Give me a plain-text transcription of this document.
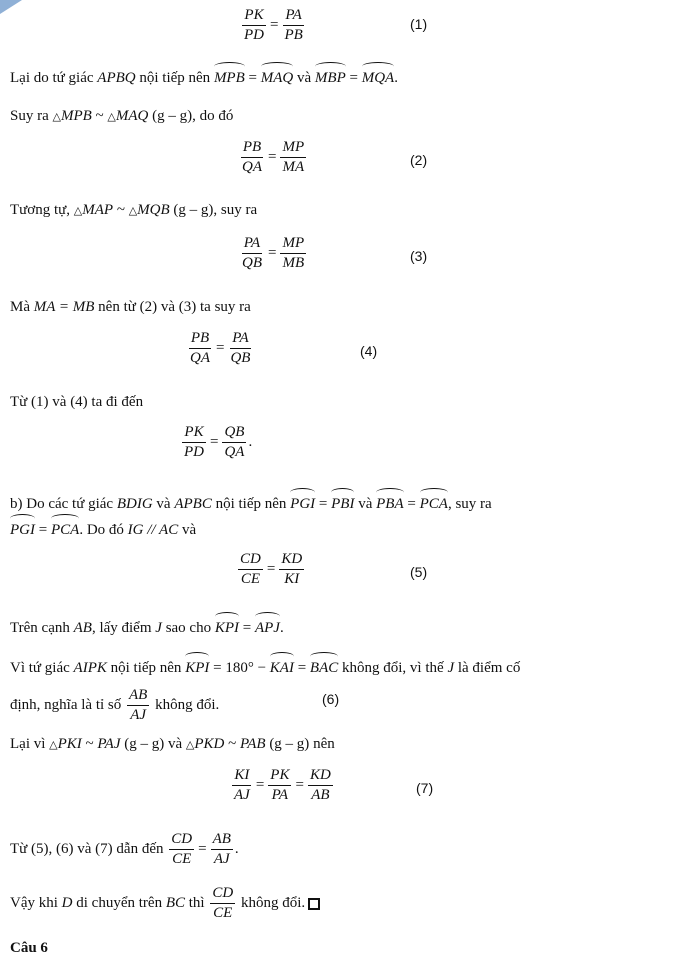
$\frac{PK}{PD} = \frac{PA}{PB}$	(1)
Lại do tứ giác APBQ nội tiếp nên MPB = MAQ và MBP = MQA.
Suy ra △MPB ~ △MAQ (g – g), do đó
$\frac{PB}{QA} = \frac{MP}{MA}$	(2)
Tương tự, △MAP ~ △MQB (g – g), suy ra
$\frac{PA}{QB} = \frac{MP}{MB}$	(3)
Mà MA = MB nên từ (2) và (3) ta suy ra
$\frac{PB}{QA} = \frac{PA}{QB}$	(4)
Từ (1) và (4) ta đi đến
$\frac{PK}{PD} = \frac{QB}{QA}$ .
b) Do các tứ giác BDIG và APBC nội tiếp nên PGI = PBI và PBA = PCA, suy ra
PGI = PCA. Do đó IG // AC và
$\frac{CD}{CE} = \frac{KD}{KI}$	(5)
Trên cạnh AB, lấy điểm J sao cho KPI = APJ.
Vì tứ giác AIPK nội tiếp nên KPI = 180° − KAI = BAC không đổi, vì thế J là điểm cố
định, nghĩa là tỉ số $\frac{AB}{AJ}$ không đổi.	(6)
Lại vì △PKI ~ PAJ (g – g) và △PKD ~ PAB (g – g) nên
$\frac{KI}{AJ} = \frac{PK}{PA} = \frac{KD}{AB}$	(7)
Từ (5), (6) và (7) dẫn đến $\frac{CD}{CE} = \frac{AB}{AJ}$ .
Vậy khi D di chuyển trên BC thì $\frac{CD}{CE}$ không đổi.
Câu 6
